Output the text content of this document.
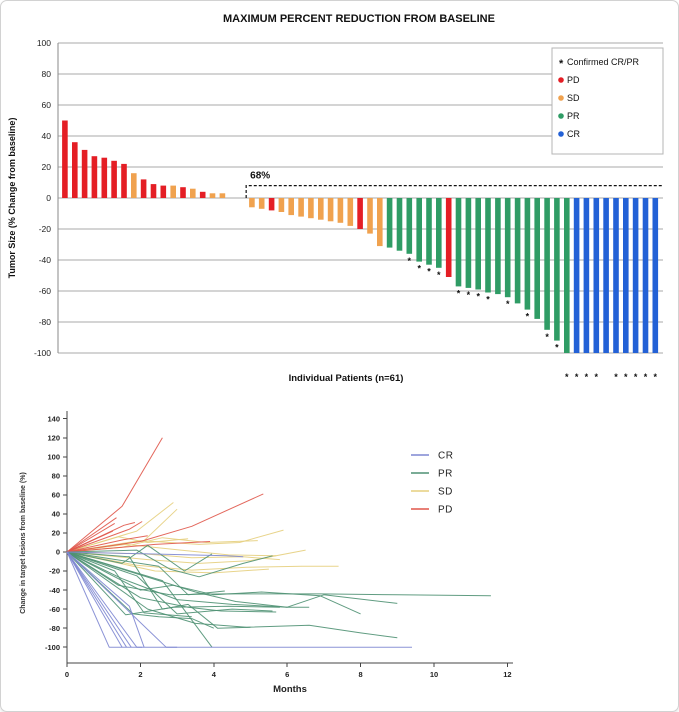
MAXIMUM PERCENT REDUCTION FROM BASELINE
100
80
60
40
20
0
-20
-40
-60
-80
-100
Tumor Size (% Change from baseline)	*
* * *
* * * * *
*
*
*
* * * * * * * * *
68%
* Confirmed CR/PR
PD
SD
PR
CR
Individual Patients (n=61)
140
120
100
80
60
40
20
0
-20
-40
-60
-80
-100
0	2	4	6	8	10	12
Change in target lesions from baseline (%)
Months
CR
PR
SD
PD
